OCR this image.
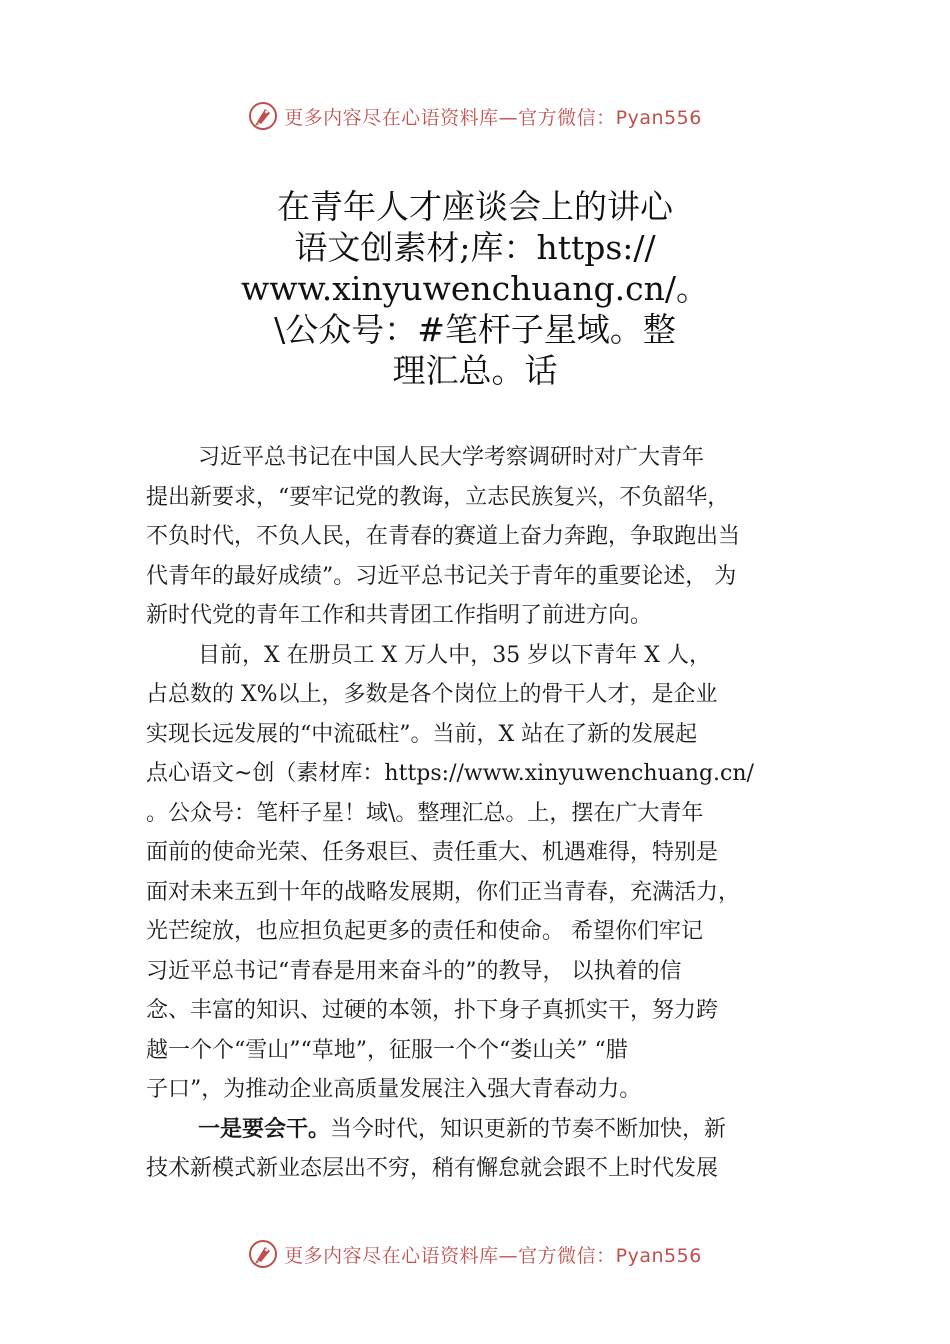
更多内容尽在心语资料库—官方微信：Pyan556
在青年人才座谈会上的讲心
语文创素材;库：https://
www.xinyuwenchuang.cn/。
\公众号：#笔杆子星域。整
理汇总。话
习近平总书记在中国人民大学考察调研时对广大青年
提出新要求，“要牢记党的教诲，立志民族复兴，不负韶华，
不负时代，不负人民，在青春的赛道上奋力奔跑，争取跑出当
代青年的最好成绩”。习近平总书记关于青年的重要论述， 为
新时代党的青年工作和共青团工作指明了前进方向。
目前，X 在册员工 X 万人中，35 岁以下青年 X 人，
占总数的 X%以上，多数是各个岗位上的骨干人才，是企业
实现长远发展的“中流砥柱”。当前，X 站在了新的发展起
点心语文~创（素材库：https://www.xinyuwenchuang.cn/
。公众号：笔杆子星！域\。整理汇总。上，摆在广大青年
面前的使命光荣、任务艰巨、责任重大、机遇难得，特别是
面对未来五到十年的战略发展期，你们正当青春，充满活力，
光芒绽放，也应担负起更多的责任和使命。 希望你们牢记
习近平总书记“青春是用来奋斗的”的教导， 以执着的信
念、丰富的知识、过硬的本领，扑下身子真抓实干，努力跨
越一个个“雪山”“草地”，征服一个个“娄山关” “腊
子口”，为推动企业高质量发展注入强大青春动力。
一是要会干。当今时代，知识更新的节奏不断加快，新
技术新模式新业态层出不穷，稍有懈怠就会跟不上时代发展
更多内容尽在心语资料库—官方微信：Pyan556
